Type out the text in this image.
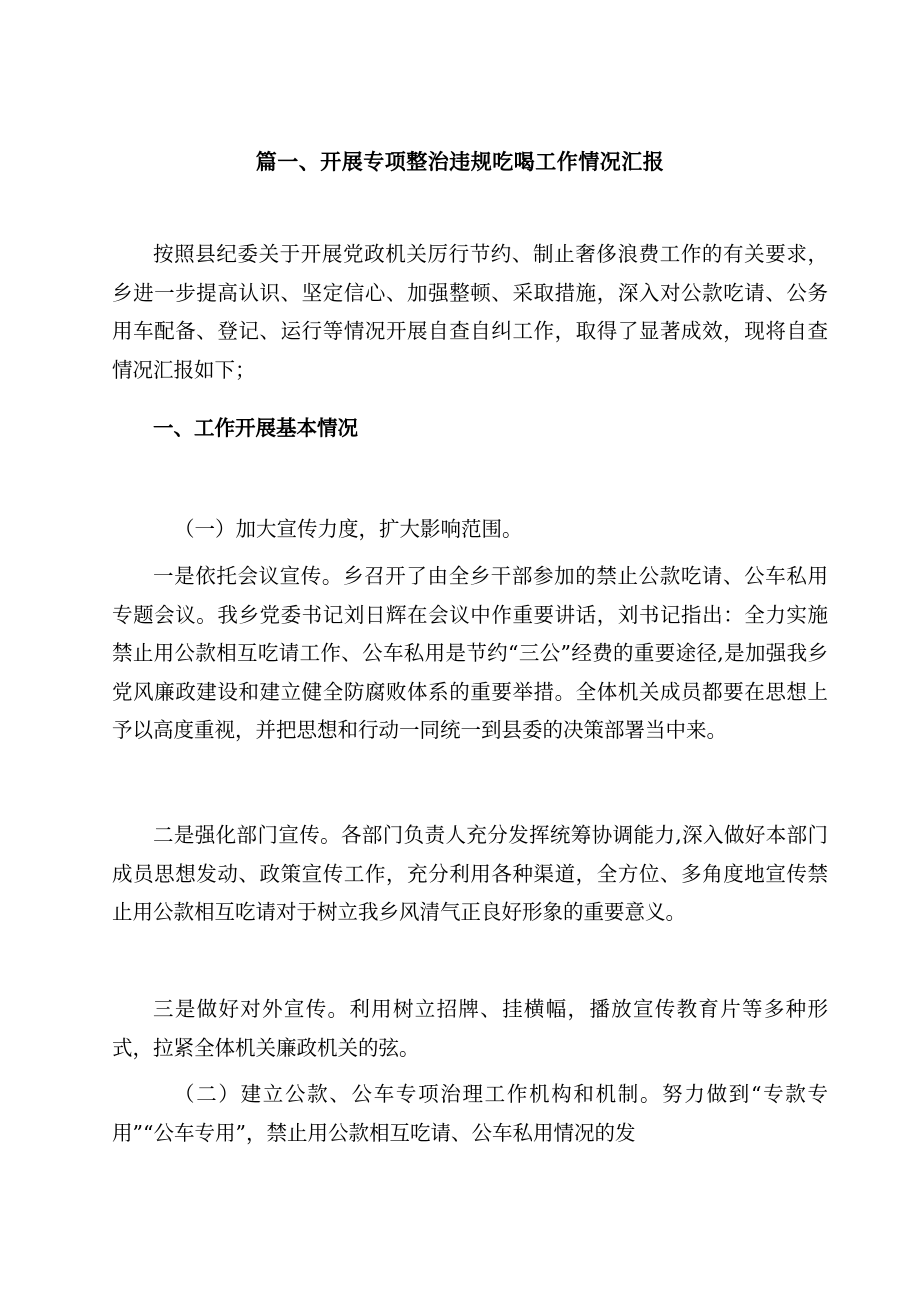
篇一、开展专项整治违规吃喝工作情况汇报

按照县纪委关于开展党政机关厉行节约、制止奢侈浪费工作的有关要求，乡进一步提高认识、坚定信心、加强整顿、采取措施，深入对公款吃请、公务用车配备、登记、运行等情况开展自查自纠工作，取得了显著成效，现将自查情况汇报如下；

一、工作开展基本情况
（一）加大宣传力度，扩大影响范围。

一是依托会议宣传。乡召开了由全乡干部参加的禁止公款吃请、公车私用专题会议。我乡党委书记刘日辉在会议中作重要讲话，刘书记指出：全力实施禁止用公款相互吃请工作、公车私用是节约“三公”经费的重要途径,是加强我乡党风廉政建设和建立健全防腐败体系的重要举措。全体机关成员都要在思想上予以高度重视，并把思想和行动一同统一到县委的决策部署当中来。

二是强化部门宣传。各部门负责人充分发挥统筹协调能力,深入做好本部门成员思想发动、政策宣传工作，充分利用各种渠道，全方位、多角度地宣传禁止用公款相互吃请对于树立我乡风清气正良好形象的重要意义。

三是做好对外宣传。利用树立招牌、挂横幅，播放宣传教育片等多种形式，拉紧全体机关廉政机关的弦。

（二）建立公款、公车专项治理工作机构和机制。努力做到“专款专用”“公车专用”，禁止用公款相互吃请、公车私用情况的发
